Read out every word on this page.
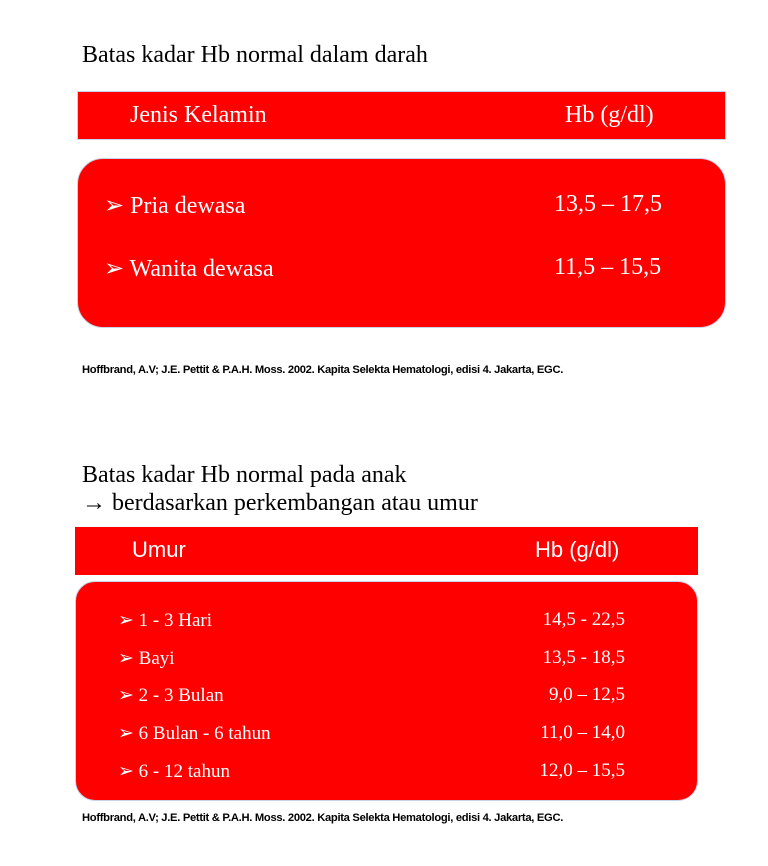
Batas kadar Hb normal dalam darah
Jenis Kelamin	Hb (g/dl)
➢ Pria dewasa	13,5 – 17,5
➢ Wanita dewasa	11,5 – 15,5
Hoffbrand, A.V; J.E. Pettit & P.A.H. Moss. 2002. Kapita Selekta Hematologi, edisi 4. Jakarta, EGC.
Batas kadar Hb normal pada anak
→ berdasarkan perkembangan atau umur
Umur	Hb (g/dl)
➢ 1 - 3 Hari	14,5 - 22,5
➢ Bayi	13,5 - 18,5
➢ 2 - 3 Bulan	9,0 – 12,5
➢ 6 Bulan - 6 tahun	11,0 – 14,0
➢ 6 - 12 tahun	12,0 – 15,5
Hoffbrand, A.V; J.E. Pettit & P.A.H. Moss. 2002. Kapita Selekta Hematologi, edisi 4. Jakarta, EGC.
